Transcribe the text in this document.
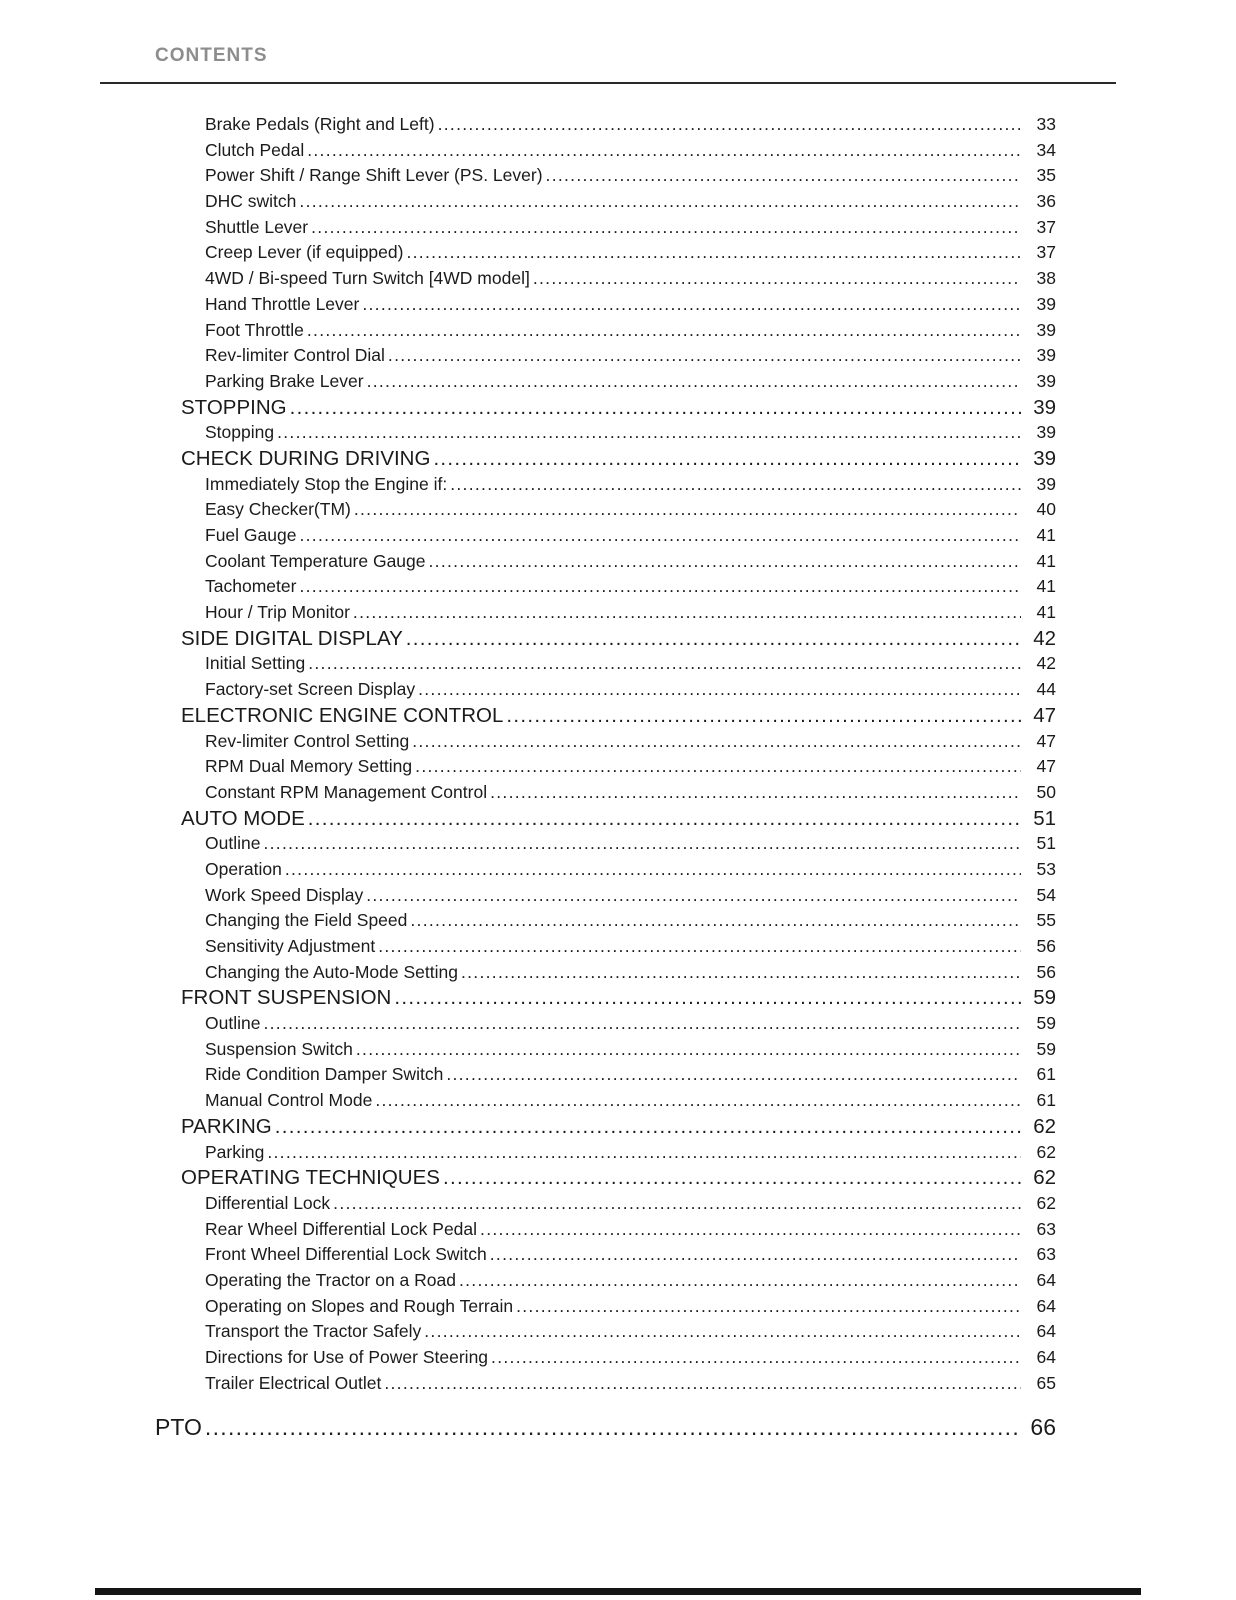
CONTENTS
Brake Pedals (Right and Left) .....	33
Clutch Pedal .....	34
Power Shift / Range Shift Lever (PS. Lever) .....	35
DHC switch .....	36
Shuttle Lever .....	37
Creep Lever (if equipped) .....	37
4WD / Bi-speed Turn Switch [4WD model] .....	38
Hand Throttle Lever .....	39
Foot Throttle .....	39
Rev-limiter Control Dial .....	39
Parking Brake Lever .....	39
STOPPING .....	39
Stopping .....	39
CHECK DURING DRIVING .....	39
Immediately Stop the Engine if: .....	39
Easy Checker(TM) .....	40
Fuel Gauge .....	41
Coolant Temperature Gauge .....	41
Tachometer .....	41
Hour / Trip Monitor .....	41
SIDE DIGITAL DISPLAY .....	42
Initial Setting .....	42
Factory-set Screen Display .....	44
ELECTRONIC ENGINE CONTROL .....	47
Rev-limiter Control Setting .....	47
RPM Dual Memory Setting .....	47
Constant RPM Management Control .....	50
AUTO MODE .....	51
Outline .....	51
Operation .....	53
Work Speed Display .....	54
Changing the Field Speed .....	55
Sensitivity Adjustment .....	56
Changing the Auto-Mode Setting .....	56
FRONT SUSPENSION .....	59
Outline .....	59
Suspension Switch .....	59
Ride Condition Damper Switch .....	61
Manual Control Mode .....	61
PARKING .....	62
Parking .....	62
OPERATING TECHNIQUES .....	62
Differential Lock .....	62
Rear Wheel Differential Lock Pedal .....	63
Front Wheel Differential Lock Switch .....	63
Operating the Tractor on a Road .....	64
Operating on Slopes and Rough Terrain .....	64
Transport the Tractor Safely .....	64
Directions for Use of Power Steering .....	64
Trailer Electrical Outlet .....	65
PTO .....	66
